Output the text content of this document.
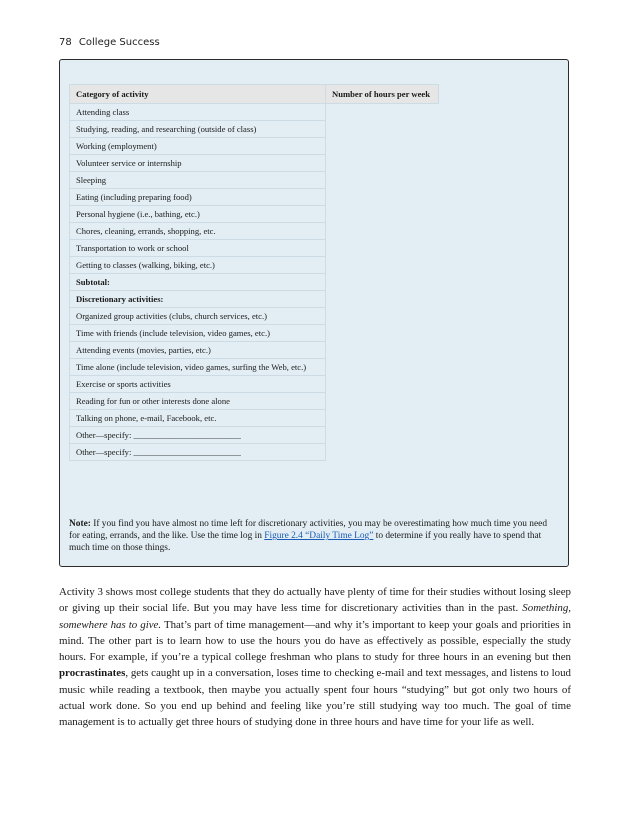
78 College Success
Category of activity	Number of hours per week
Attending class	
Studying, reading, and researching (outside of class)	
Working (employment)	
Volunteer service or internship	
Sleeping	
Eating (including preparing food)	
Personal hygiene (i.e., bathing, etc.)	
Chores, cleaning, errands, shopping, etc.	
Transportation to work or school	
Getting to classes (walking, biking, etc.)	
Subtotal:	
Discretionary activities:	
Organized group activities (clubs, church services, etc.)	
Time with friends (include television, video games, etc.)	
Attending events (movies, parties, etc.)	
Time alone (include television, video games, surfing the Web, etc.)	
Exercise or sports activities	
Reading for fun or other interests done alone	
Talking on phone, e-mail, Facebook, etc.	
Other—specify: _________________________	
Other—specify: _________________________	
Note: If you find you have almost no time left for discretionary activities, you may be overestimating how much time you need for eating, errands, and the like. Use the time log in Figure 2.4 “Daily Time Log” to determine if you really have to spend that much time on those things.
Activity 3 shows most college students that they do actually have plenty of time for their studies without losing sleep or giving up their social life. But you may have less time for discretionary activities than in the past. Something, somewhere has to give. That’s part of time management—and why it’s important to keep your goals and priorities in mind. The other part is to learn how to use the hours you do have as effectively as possible, especially the study hours. For example, if you’re a typical college freshman who plans to study for three hours in an evening but then procrastinates, gets caught up in a conversation, loses time to checking e-mail and text messages, and listens to loud music while reading a textbook, then maybe you actually spent four hours “studying” but got only two hours of actual work done. So you end up behind and feeling like you’re still studying way too much. The goal of time management is to actually get three hours of studying done in three hours and have time for your life as well.
